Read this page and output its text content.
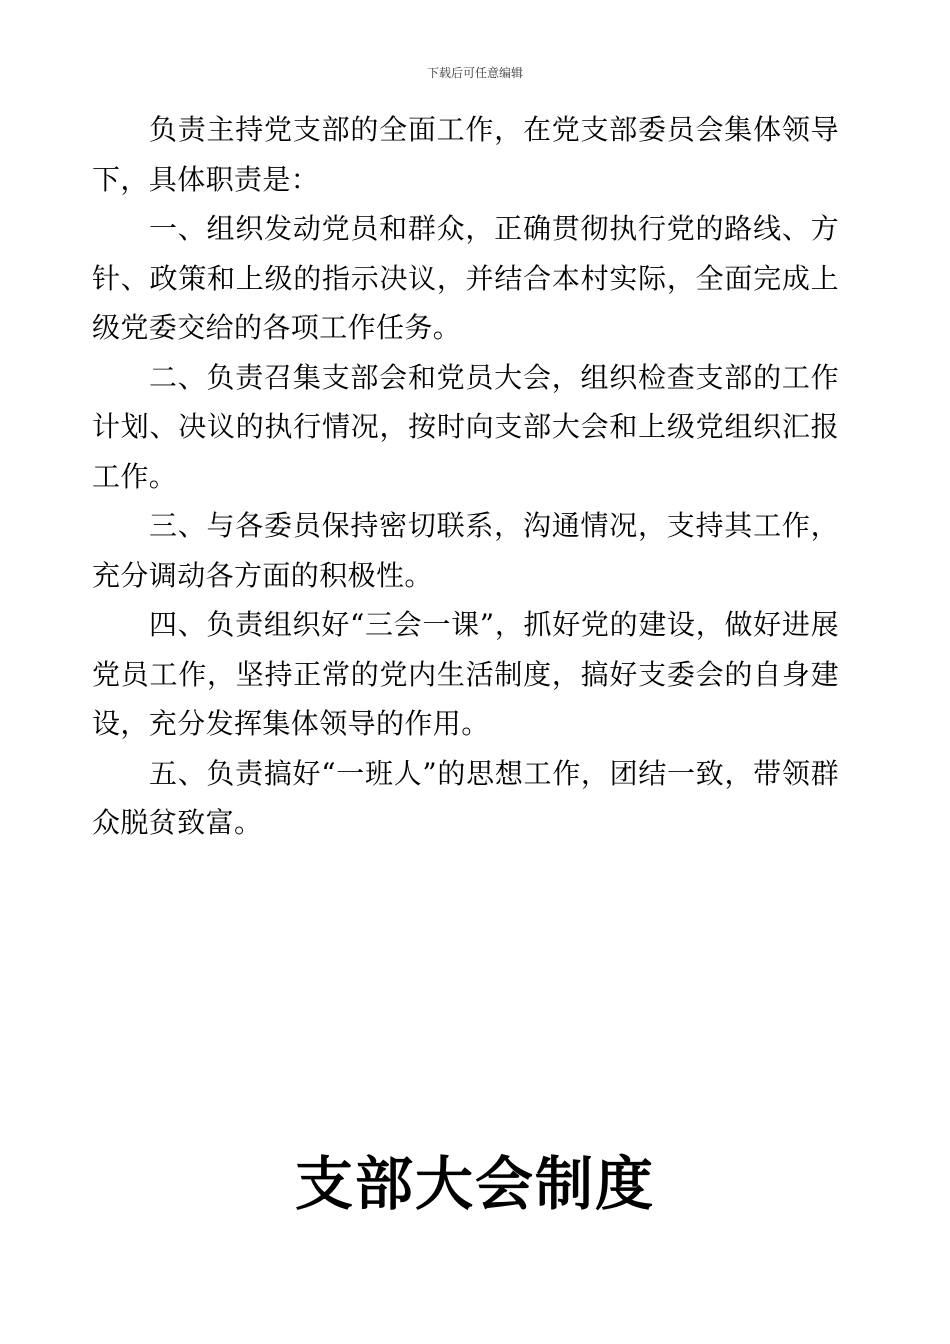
下载后可任意编辑

负责主持党支部的全面工作，在党支部委员会集体领导下，具体职责是：

一、组织发动党员和群众，正确贯彻执行党的路线、方针、政策和上级的指示决议，并结合本村实际，全面完成上级党委交给的各项工作任务。

二、负责召集支部会和党员大会，组织检查支部的工作计划、决议的执行情况，按时向支部大会和上级党组织汇报工作。

三、与各委员保持密切联系，沟通情况，支持其工作，充分调动各方面的积极性。

四、负责组织好“三会一课”，抓好党的建设，做好进展党员工作，坚持正常的党内生活制度，搞好支委会的自身建设，充分发挥集体领导的作用。

五、负责搞好“一班人”的思想工作，团结一致，带领群众脱贫致富。

支部大会制度
